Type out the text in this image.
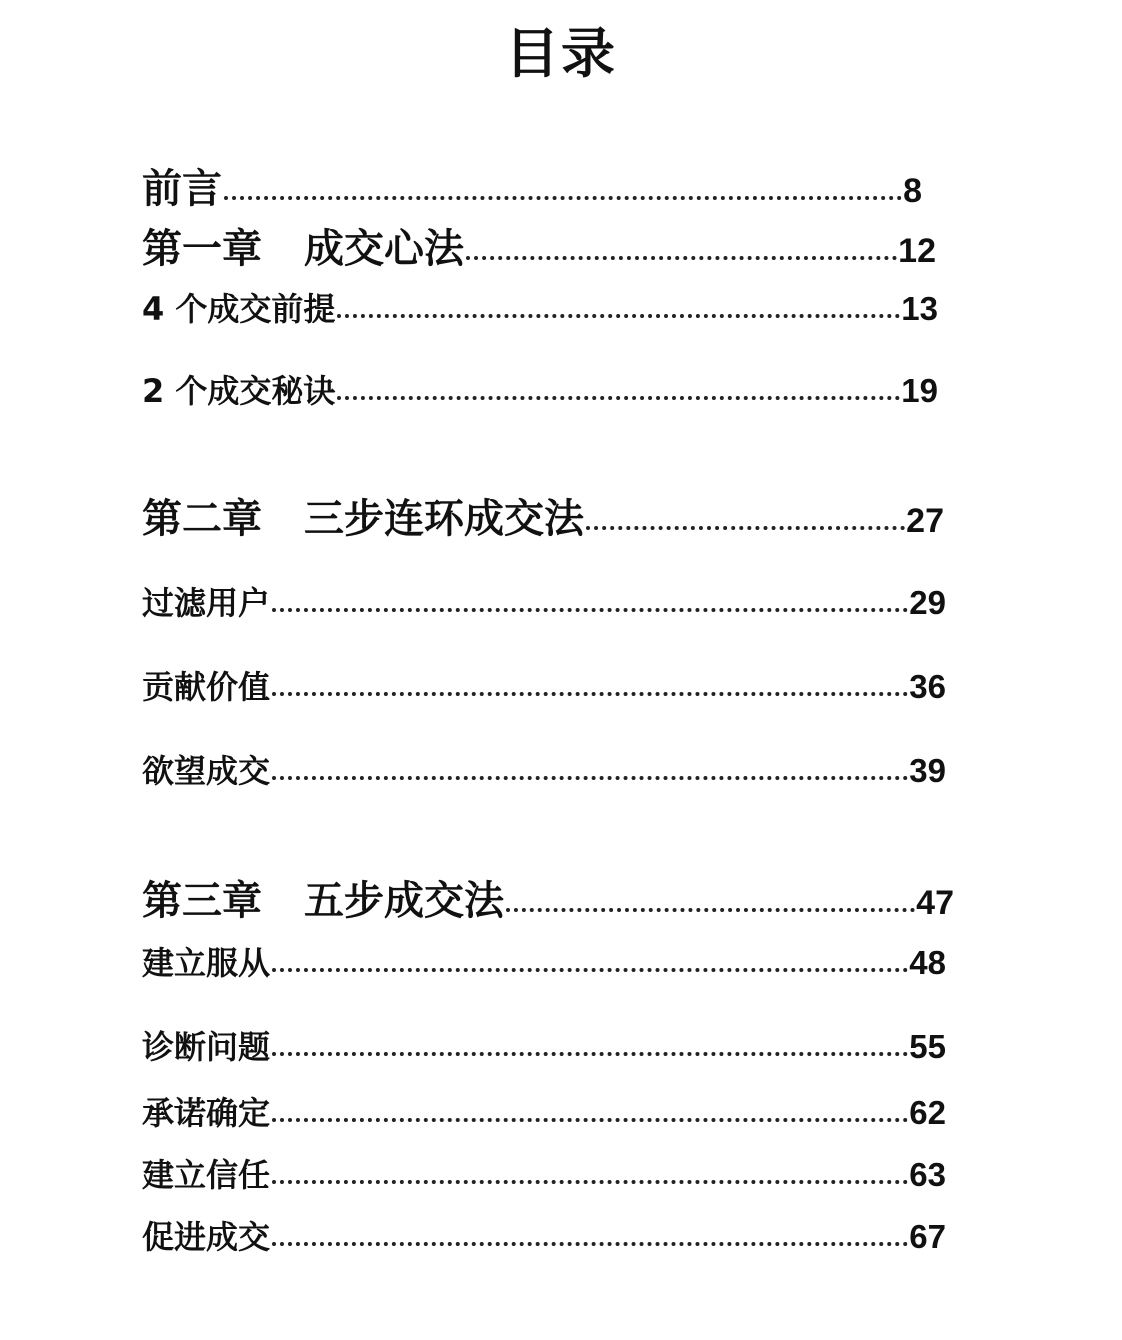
目录
前言	8
第一章 成交心法	12
4 个成交前提	13
2 个成交秘诀	19
第二章 三步连环成交法	27
过滤用户	29
贡献价值	36
欲望成交	39
第三章 五步成交法	47
建立服从	48
诊断问题	55
承诺确定	62
建立信任	63
促进成交	67
